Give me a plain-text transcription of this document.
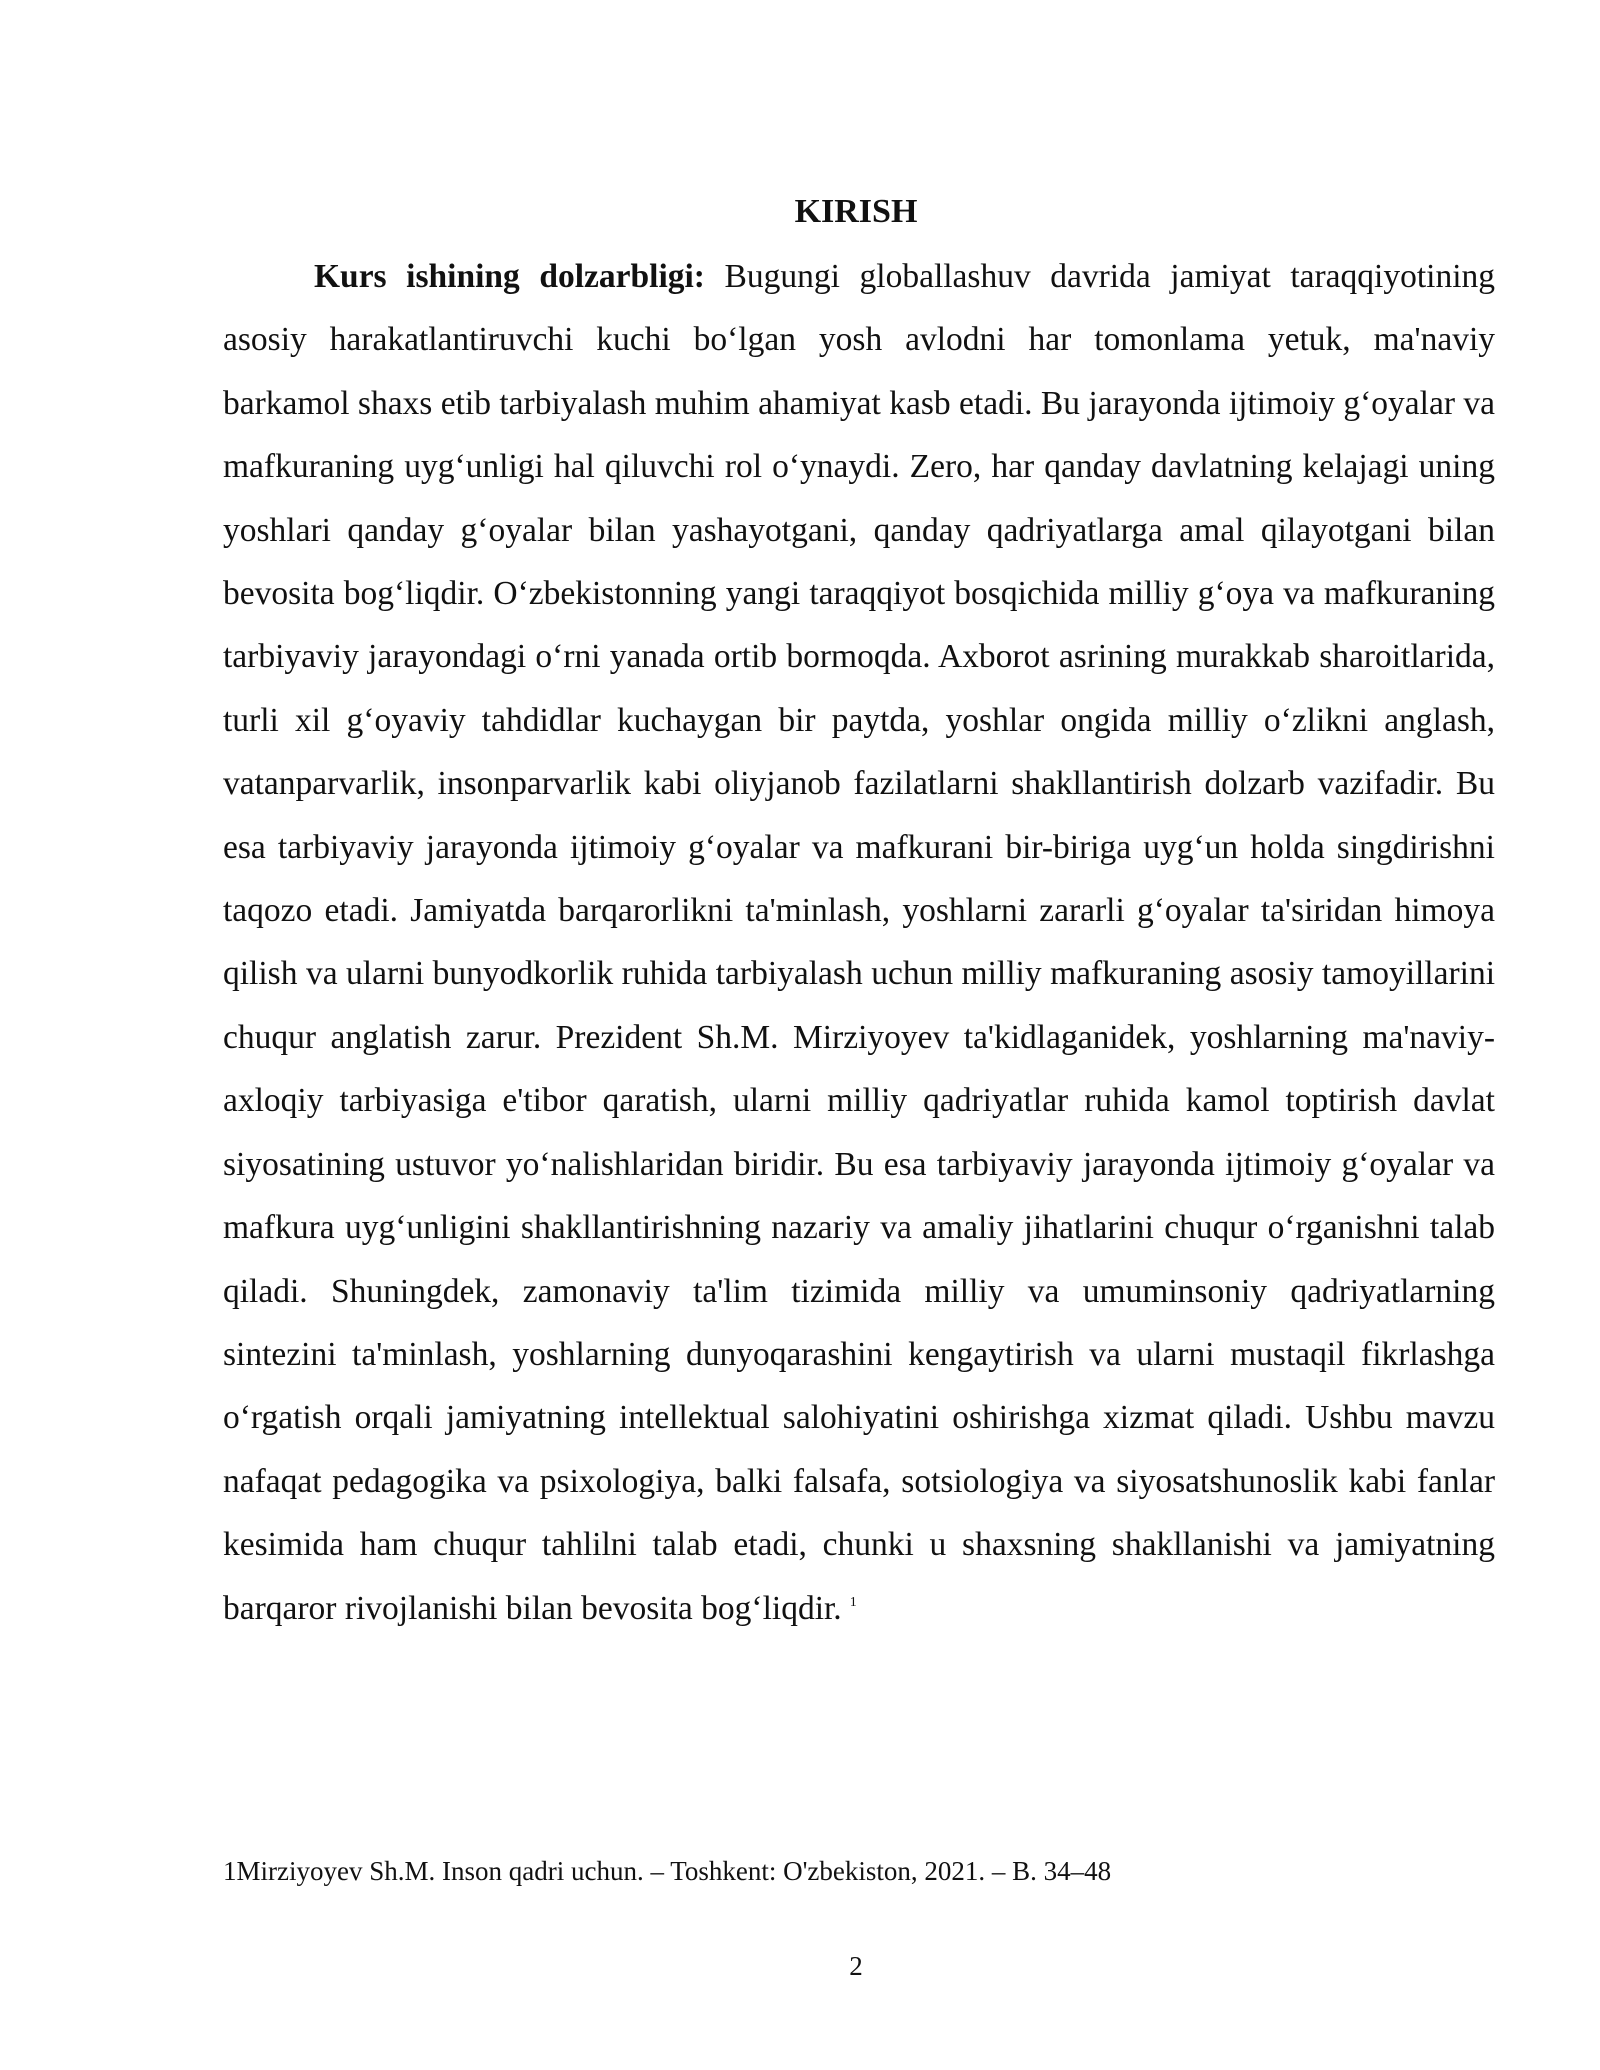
KIRISH

Kurs ishining dolzarbligi: Bugungi globallashuv davrida jamiyat taraqqiyotining asosiy harakatlantiruvchi kuchi boʻlgan yosh avlodni har tomonlama yetuk, ma'naviy barkamol shaxs etib tarbiyalash muhim ahamiyat kasb etadi. Bu jarayonda ijtimoiy gʻoyalar va mafkuraning uygʻunligi hal qiluvchi rol oʻynaydi. Zero, har qanday davlatning kelajagi uning yoshlari qanday gʻoyalar bilan yashayotgani, qanday qadriyatlarga amal qilayotgani bilan bevosita bogʻliqdir. Oʻzbekistonning yangi taraqqiyot bosqichida milliy gʻoya va mafkuraning tarbiyaviy jarayondagi oʻrni yanada ortib bormoqda. Axborot asrining murakkab sharoitlarida, turli xil gʻoyaviy tahdidlar kuchaygan bir paytda, yoshlar ongida milliy oʻzlikni anglash, vatanparvarlik, insonparvarlik kabi oliyjanob fazilatlarni shakllantirish dolzarb vazifadir. Bu esa tarbiyaviy jarayonda ijtimoiy gʻoyalar va mafkurani bir-biriga uygʻun holda singdirishni taqozo etadi. Jamiyatda barqarorlikni ta'minlash, yoshlarni zararli gʻoyalar ta'siridan himoya qilish va ularni bunyodkorlik ruhida tarbiyalash uchun milliy mafkuraning asosiy tamoyillarini chuqur anglatish zarur. Prezident Sh.M. Mirziyoyev ta'kidlaganidek, yoshlarning ma'naviy-axloqiy tarbiyasiga e'tibor qaratish, ularni milliy qadriyatlar ruhida kamol toptirish davlat siyosatining ustuvor yoʻnalishlaridan biridir. Bu esa tarbiyaviy jarayonda ijtimoiy gʻoyalar va mafkura uygʻunligini shakllantirishning nazariy va amaliy jihatlarini chuqur oʻrganishni talab qiladi. Shuningdek, zamonaviy ta'lim tizimida milliy va umuminsoniy qadriyatlarning sintezini ta'minlash, yoshlarning dunyoqarashini kengaytirish va ularni mustaqil fikrlashga oʻrgatish orqali jamiyatning intellektual salohiyatini oshirishga xizmat qiladi. Ushbu mavzu nafaqat pedagogika va psixologiya, balki falsafa, sotsiologiya va siyosatshunoslik kabi fanlar kesimida ham chuqur tahlilni talab etadi, chunki u shaxsning shakllanishi va jamiyatning barqaror rivojlanishi bilan bevosita bogʻliqdir. $^1$

1Mirziyoyev Sh.M. Inson qadri uchun. – Toshkent: O'zbekiston, 2021. – B. 34–48

2
